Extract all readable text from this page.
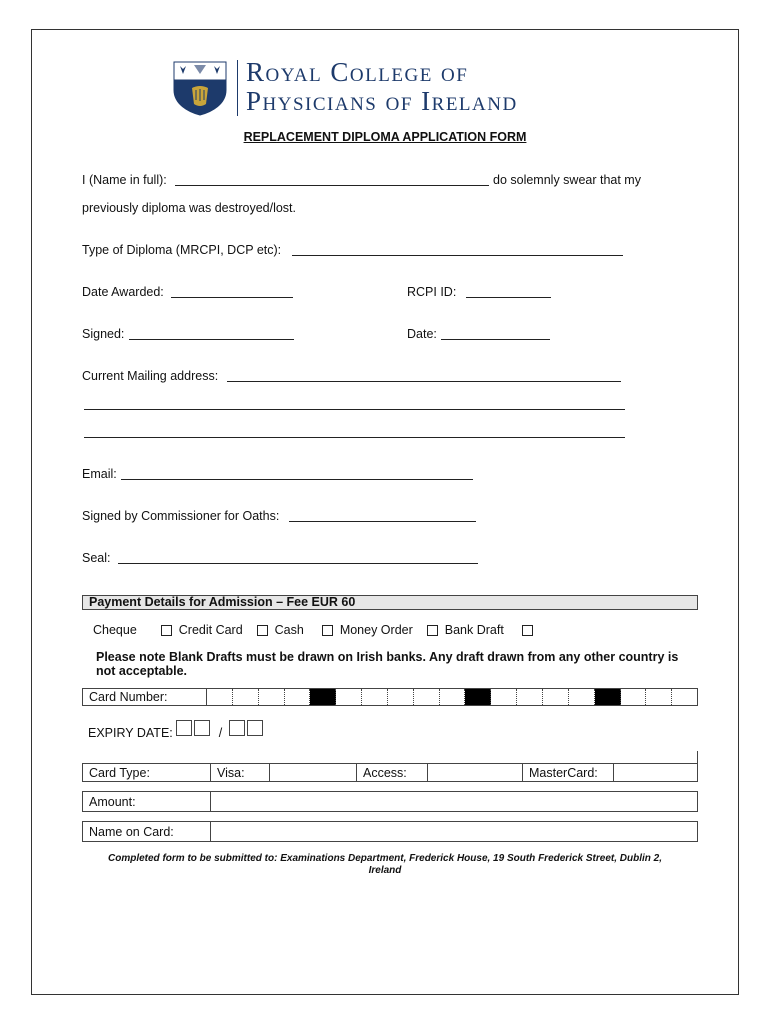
Royal College of
Physicians of Ireland
REPLACEMENT DIPLOMA APPLICATION FORM
I (Name in full):	do solemnly swear that my
previously diploma was destroyed/lost.
Type of Diploma (MRCPI, DCP etc):
Date Awarded:	RCPI ID:
Signed:	Date:
Current Mailing address:
Email:
Signed by Commissioner for Oaths:
Seal:
Payment Details for Admission – Fee EUR 60
Cheque	Credit Card	Cash	Money Order	Bank Draft
Please note Blank Drafts must be drawn on Irish banks. Any draft drawn from any other country is not acceptable.
Card Number:
EXPIRY DATE:	/
Card Type:	Visa:		Access:		MasterCard:	
Amount:	
Name on Card:	
Completed form to be submitted to: Examinations Department, Frederick House, 19 South Frederick Street, Dublin 2,
Ireland
